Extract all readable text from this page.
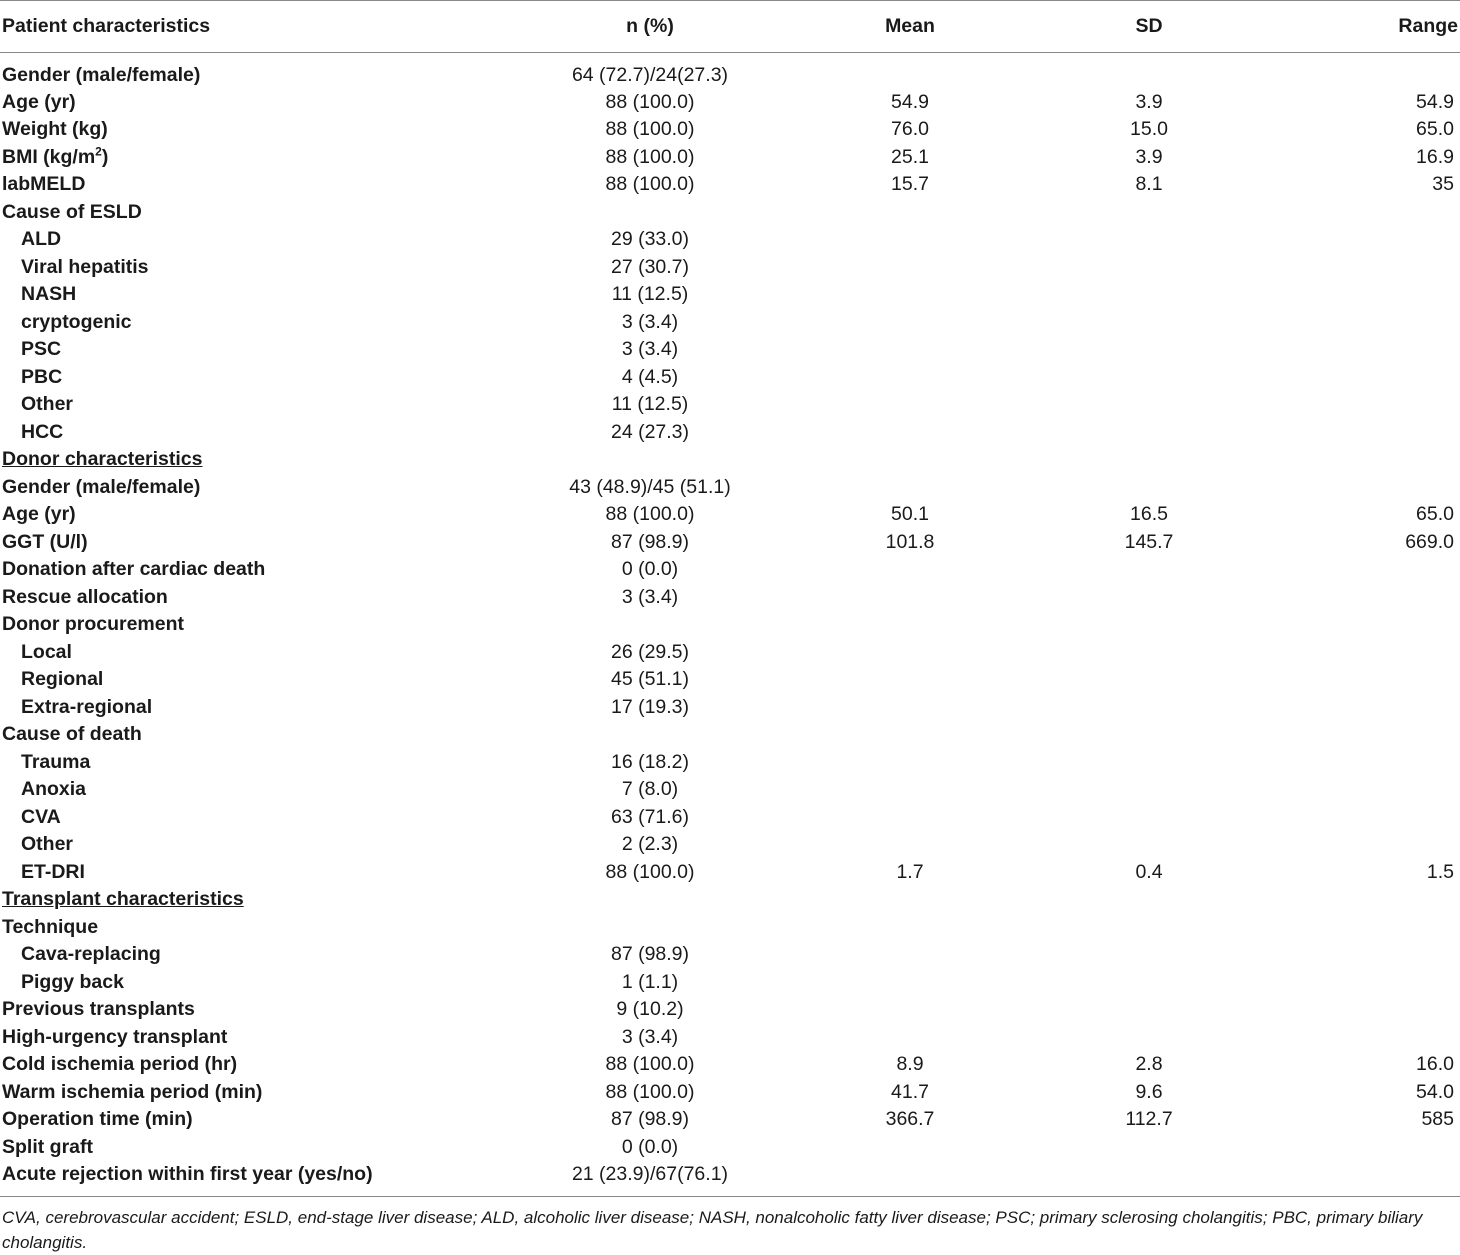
Patient characteristics	n (%)	Mean	SD	Range
Gender (male/female)	64 (72.7)/24(27.3)			
Age (yr)	88 (100.0)	54.9	3.9	54.9
Weight (kg)	88 (100.0)	76.0	15.0	65.0
BMI $(kg/m^2)$	88 (100.0)	25.1	3.9	16.9
labMELD	88 (100.0)	15.7	8.1	35
Cause of ESLD				
ALD	29 (33.0)			
Viral hepatitis	27 (30.7)			
NASH	11 (12.5)			
cryptogenic	3 (3.4)			
PSC	3 (3.4)			
PBC	4 (4.5)			
Other	11 (12.5)			
HCC	24 (27.3)			
Donor characteristics				
Gender (male/female)	43 (48.9)/45 (51.1)			
Age (yr)	88 (100.0)	50.1	16.5	65.0
GGT (U/l)	87 (98.9)	101.8	145.7	669.0
Donation after cardiac death	0 (0.0)			
Rescue allocation	3 (3.4)			
Donor procurement				
Local	26 (29.5)			
Regional	45 (51.1)			
Extra-regional	17 (19.3)			
Cause of death				
Trauma	16 (18.2)			
Anoxia	7 (8.0)			
CVA	63 (71.6)			
Other	2 (2.3)			
ET-DRI	88 (100.0)	1.7	0.4	1.5
Transplant characteristics				
Technique				
Cava-replacing	87 (98.9)			
Piggy back	1 (1.1)			
Previous transplants	9 (10.2)			
High-urgency transplant	3 (3.4)			
Cold ischemia period (hr)	88 (100.0)	8.9	2.8	16.0
Warm ischemia period (min)	88 (100.0)	41.7	9.6	54.0
Operation time (min)	87 (98.9)	366.7	112.7	585
Split graft	0 (0.0)			
Acute rejection within first year (yes/no)	21 (23.9)/67(76.1)			
CVA, cerebrovascular accident; ESLD, end-stage liver disease; ALD, alcoholic liver disease; NASH, nonalcoholic fatty liver disease; PSC; primary sclerosing cholangitis; PBC, primary biliary cholangitis.
